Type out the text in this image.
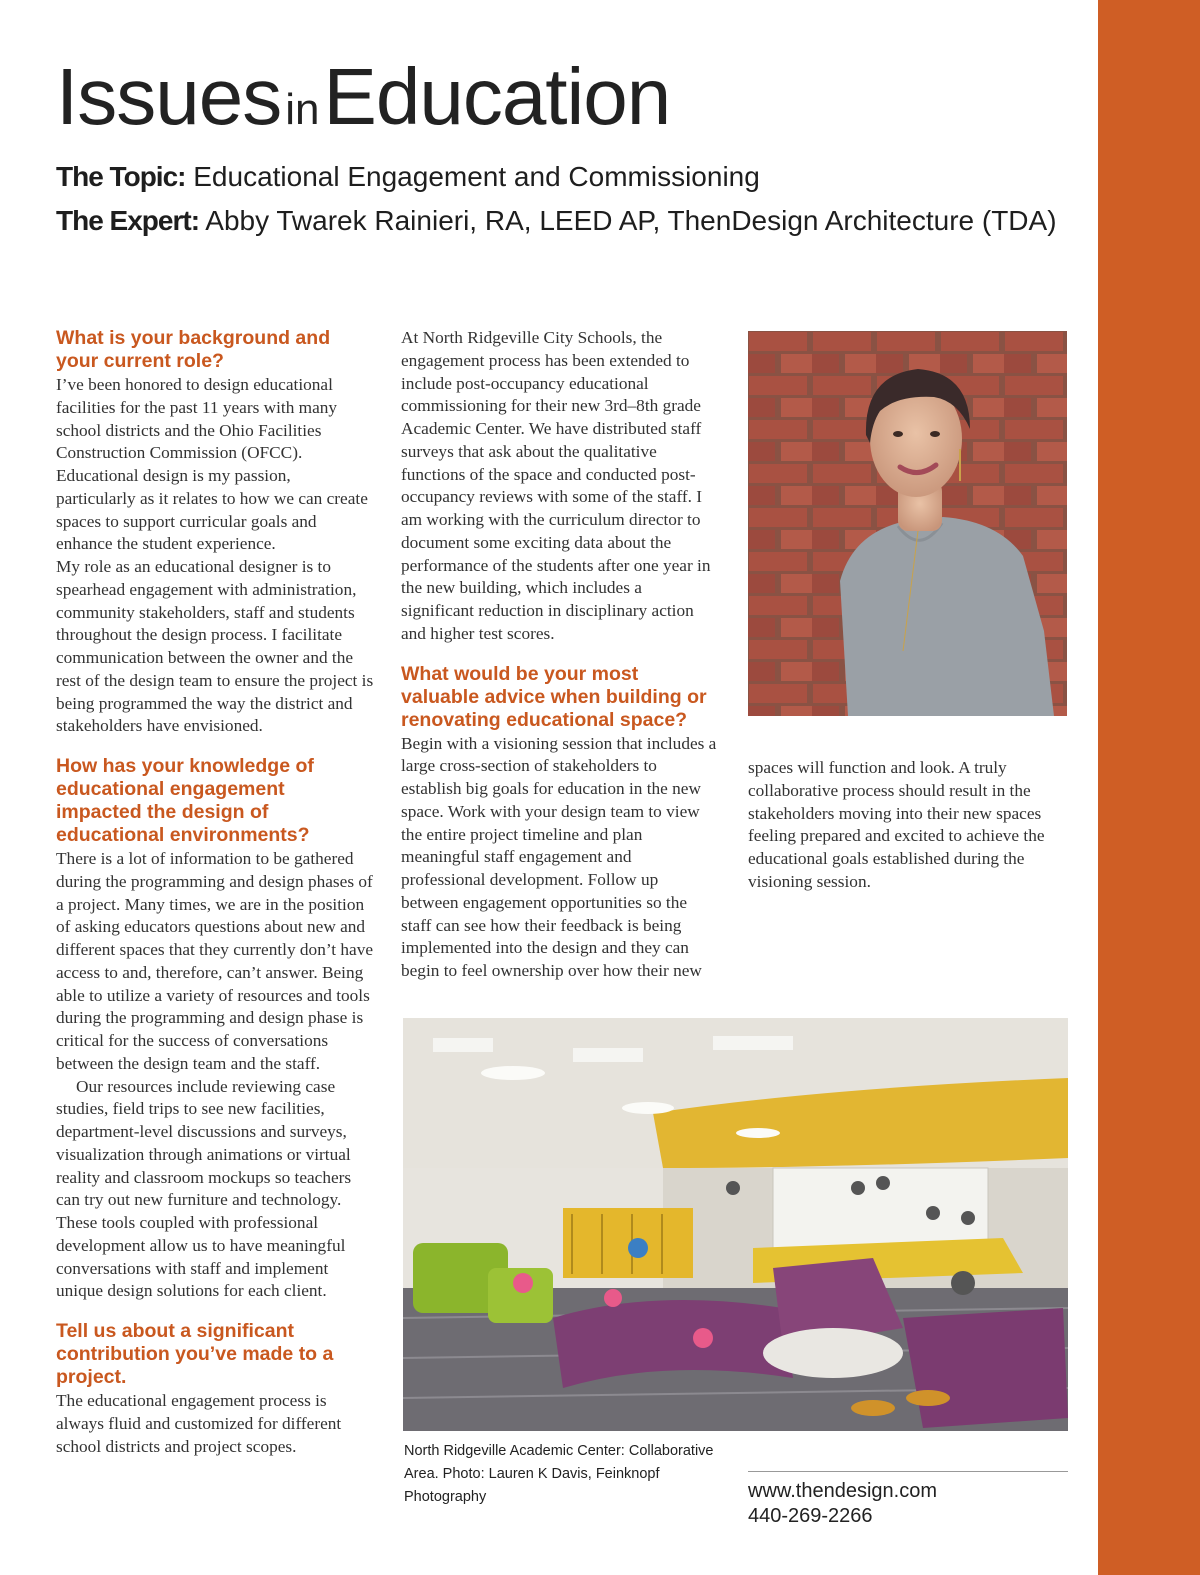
IssuesinEducation
The Topic: Educational Engagement and Commissioning
The Expert: Abby Twarek Rainieri, RA, LEED AP, ThenDesign Architecture (TDA)
What is your background and your current role?
I’ve been honored to design educational facilities for the past 11 years with many school districts and the Ohio Facilities Construction Commission (OFCC). Educational design is my passion, particularly as it relates to how we can create spaces to support curricular goals and enhance the student experience.
My role as an educational designer is to spearhead engagement with administration, community stakeholders, staff and students throughout the design process. I facilitate communication between the owner and the rest of the design team to ensure the project is being programmed the way the district and stakeholders have envisioned.
How has your knowledge of educational engagement impacted the design of educational environments?
There is a lot of information to be gathered during the programming and design phases of a project. Many times, we are in the position of asking educators questions about new and different spaces that they currently don’t have access to and, therefore, can’t answer. Being able to utilize a variety of resources and tools during the programming and design phase is critical for the success of conversations between the design team and the staff.
Our resources include reviewing case studies, field trips to see new facilities, department-level discussions and surveys, visualization through animations or virtual reality and classroom mockups so teachers can try out new furniture and technology. These tools coupled with professional development allow us to have meaningful conversations with staff and implement unique design solutions for each client.
Tell us about a significant contribution you’ve made to a project.
The educational engagement process is always fluid and customized for different school districts and project scopes.
At North Ridgeville City Schools, the engagement process has been extended to include post-occupancy educational commissioning for their new 3rd–8th grade Academic Center. We have distributed staff surveys that ask about the qualitative functions of the space and conducted post-occupancy reviews with some of the staff. I am working with the curriculum director to document some exciting data about the performance of the students after one year in the new building, which includes a significant reduction in disciplinary action and higher test scores.
What would be your most valuable advice when building or renovating educational space?
Begin with a visioning session that includes a large cross-section of stakeholders to establish big goals for education in the new space. Work with your design team to view the entire project timeline and plan meaningful staff engagement and professional development. Follow up between engagement opportunities so the staff can see how their feedback is being implemented into the design and they can begin to feel ownership over how their new
spaces will function and look. A truly collaborative process should result in the stakeholders moving into their new spaces feeling prepared and excited to achieve the educational goals established during the visioning session.
North Ridgeville Academic Center: Collaborative Area. Photo: Lauren K Davis, Feinknopf Photography	www.thendesign.com
440-269-2266
